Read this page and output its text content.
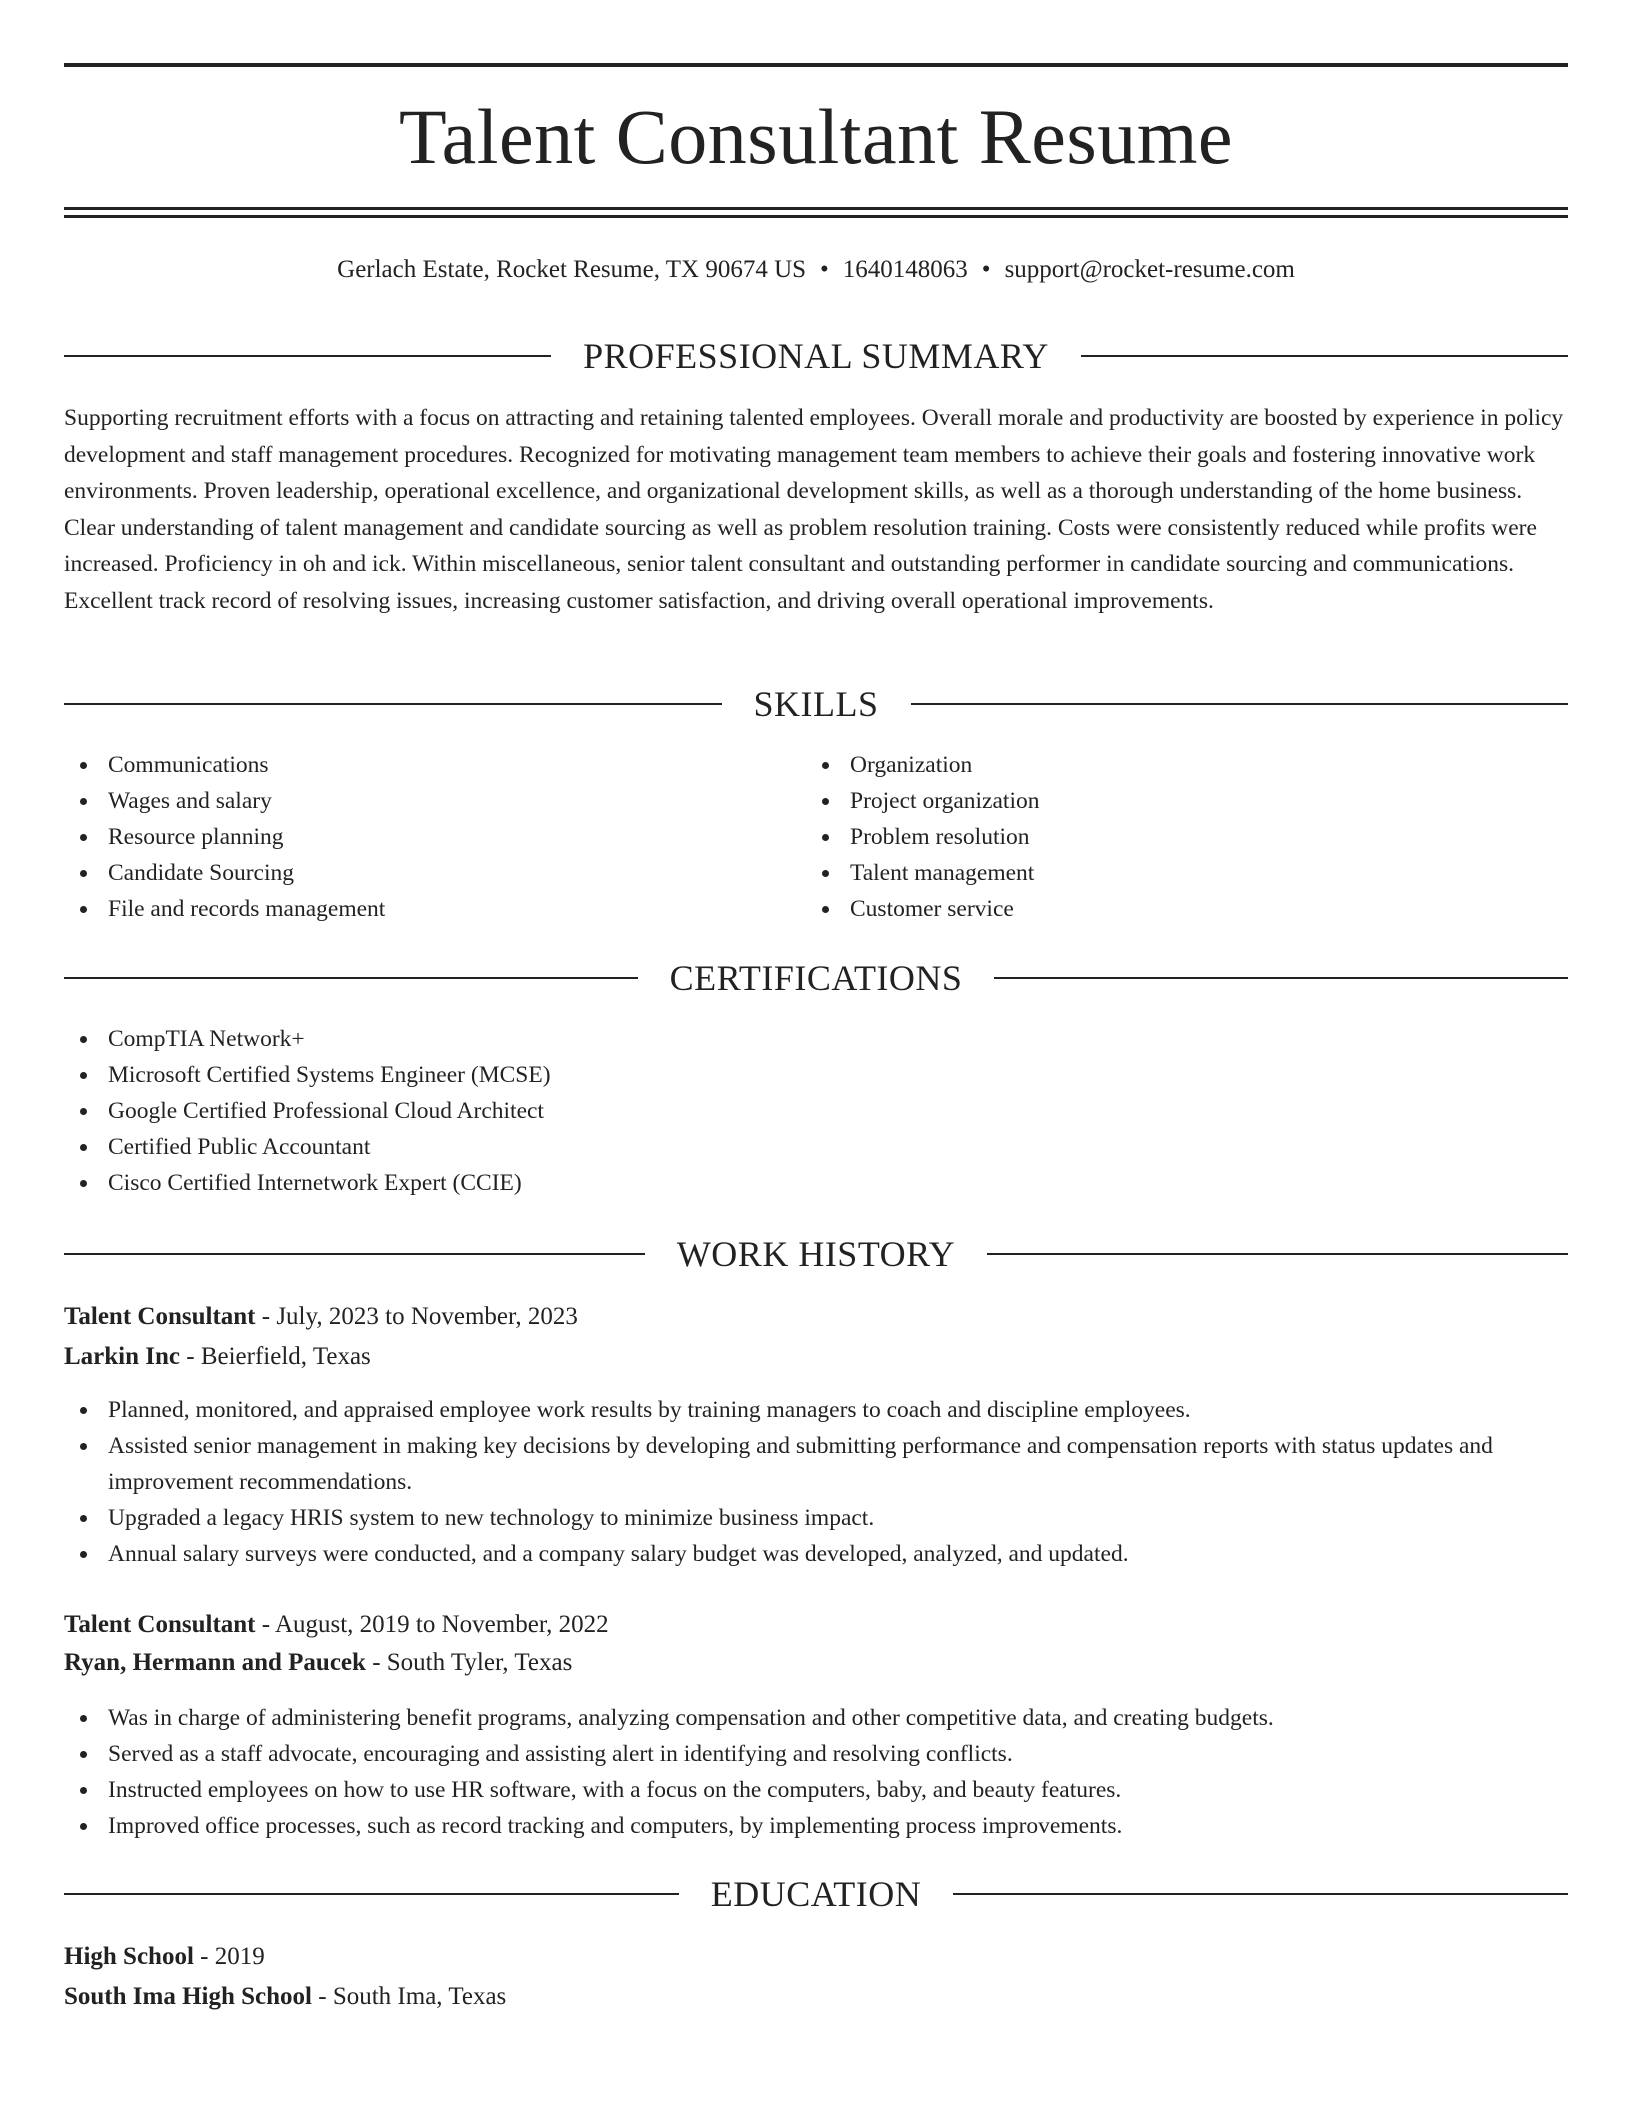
Talent Consultant Resume
Gerlach Estate, Rocket Resume, TX 90674 US • 1640148063 • support@rocket-resume.com
PROFESSIONAL SUMMARY

Supporting recruitment efforts with a focus on attracting and retaining talented employees. Overall morale and productivity are boosted by experience in policy development and staff management procedures. Recognized for motivating management team members to achieve their goals and fostering innovative work environments. Proven leadership, operational excellence, and organizational development skills, as well as a thorough understanding of the home business. Clear understanding of talent management and candidate sourcing as well as problem resolution training. Costs were consistently reduced while profits were increased. Proficiency in oh and ick. Within miscellaneous, senior talent consultant and outstanding performer in candidate sourcing and communications. Excellent track record of resolving issues, increasing customer satisfaction, and driving overall operational improvements.

SKILLS
Communications
Wages and salary
Resource planning
Candidate Sourcing
File and records management
Organization
Project organization
Problem resolution
Talent management
Customer service
CERTIFICATIONS
CompTIA Network+
Microsoft Certified Systems Engineer (MCSE)
Google Certified Professional Cloud Architect
Certified Public Accountant
Cisco Certified Internetwork Expert (CCIE)
WORK HISTORY
Talent Consultant - July, 2023 to November, 2023
Larkin Inc - Beierfield, Texas
Planned, monitored, and appraised employee work results by training managers to coach and discipline employees.
Assisted senior management in making key decisions by developing and submitting performance and compensation reports with status updates and improvement recommendations.
Upgraded a legacy HRIS system to new technology to minimize business impact.
Annual salary surveys were conducted, and a company salary budget was developed, analyzed, and updated.
Talent Consultant - August, 2019 to November, 2022
Ryan, Hermann and Paucek - South Tyler, Texas
Was in charge of administering benefit programs, analyzing compensation and other competitive data, and creating budgets.
Served as a staff advocate, encouraging and assisting alert in identifying and resolving conflicts.
Instructed employees on how to use HR software, with a focus on the computers, baby, and beauty features.
Improved office processes, such as record tracking and computers, by implementing process improvements.
EDUCATION
High School - 2019
South Ima High School - South Ima, Texas
